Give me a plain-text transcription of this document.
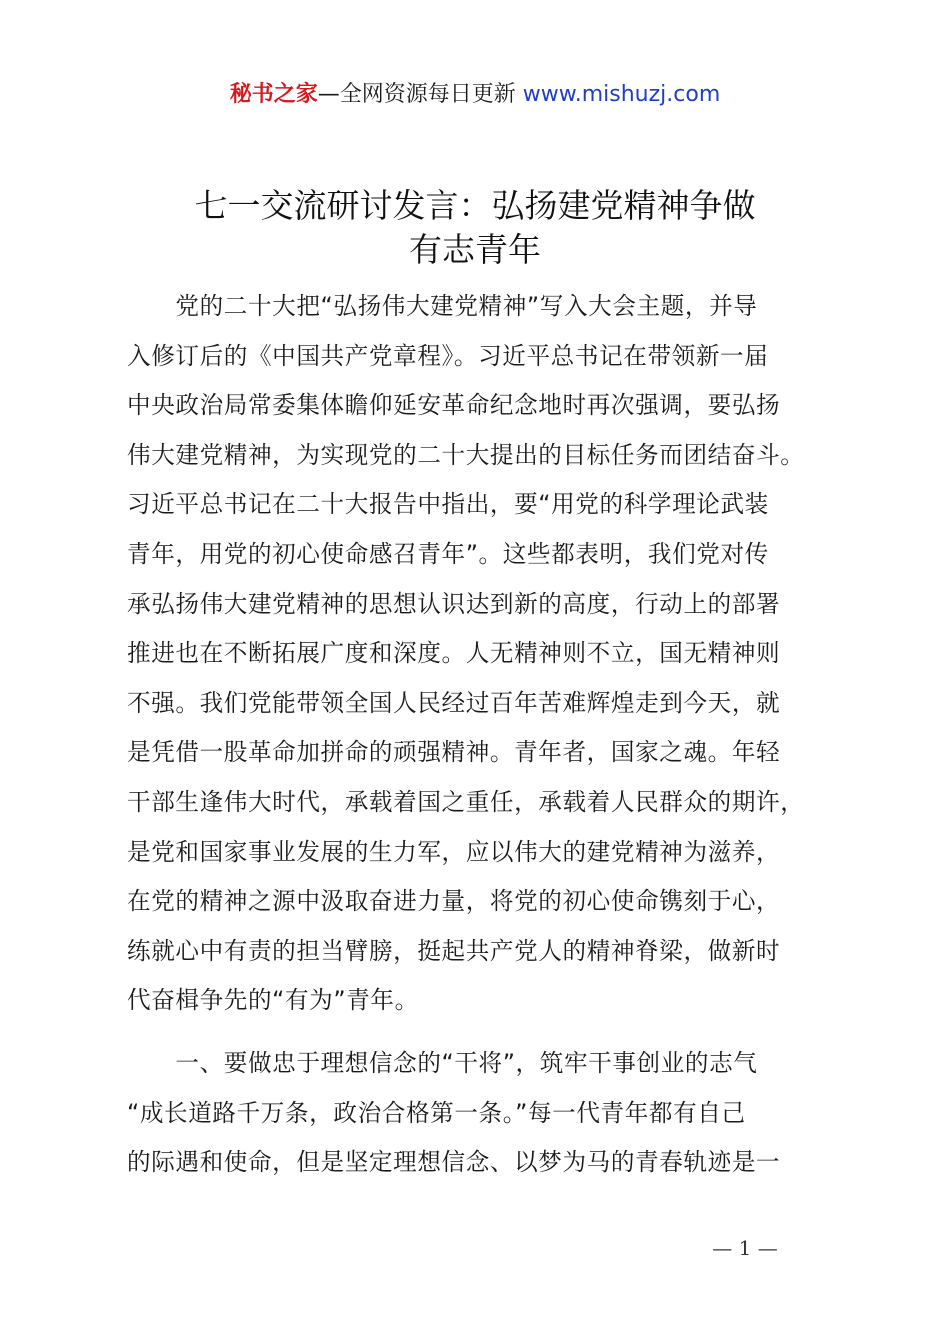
秘书之家—全网资源每日更新 www.mishuzj.com
七一交流研讨发言：弘扬建党精神争做
有志青年
　　党的二十大把“弘扬伟大建党精神”写入大会主题，并导
入修订后的《中国共产党章程》。习近平总书记在带领新一届
中央政治局常委集体瞻仰延安革命纪念地时再次强调，要弘扬
伟大建党精神，为实现党的二十大提出的目标任务而团结奋斗。
习近平总书记在二十大报告中指出，要“用党的科学理论武装
青年，用党的初心使命感召青年”。这些都表明，我们党对传
承弘扬伟大建党精神的思想认识达到新的高度，行动上的部署
推进也在不断拓展广度和深度。人无精神则不立，国无精神则
不强。我们党能带领全国人民经过百年苦难辉煌走到今天，就
是凭借一股革命加拼命的顽强精神。青年者，国家之魂。年轻
干部生逢伟大时代，承载着国之重任，承载着人民群众的期许，
是党和国家事业发展的生力军，应以伟大的建党精神为滋养，
在党的精神之源中汲取奋进力量，将党的初心使命镌刻于心，
练就心中有责的担当臂膀，挺起共产党人的精神脊梁，做新时
代奋楫争先的“有为”青年。
　　一、要做忠于理想信念的“干将”，筑牢干事创业的志气
“成长道路千万条，政治合格第一条。”每一代青年都有自己
的际遇和使命，但是坚定理想信念、以梦为马的青春轨迹是一
— 1 —
